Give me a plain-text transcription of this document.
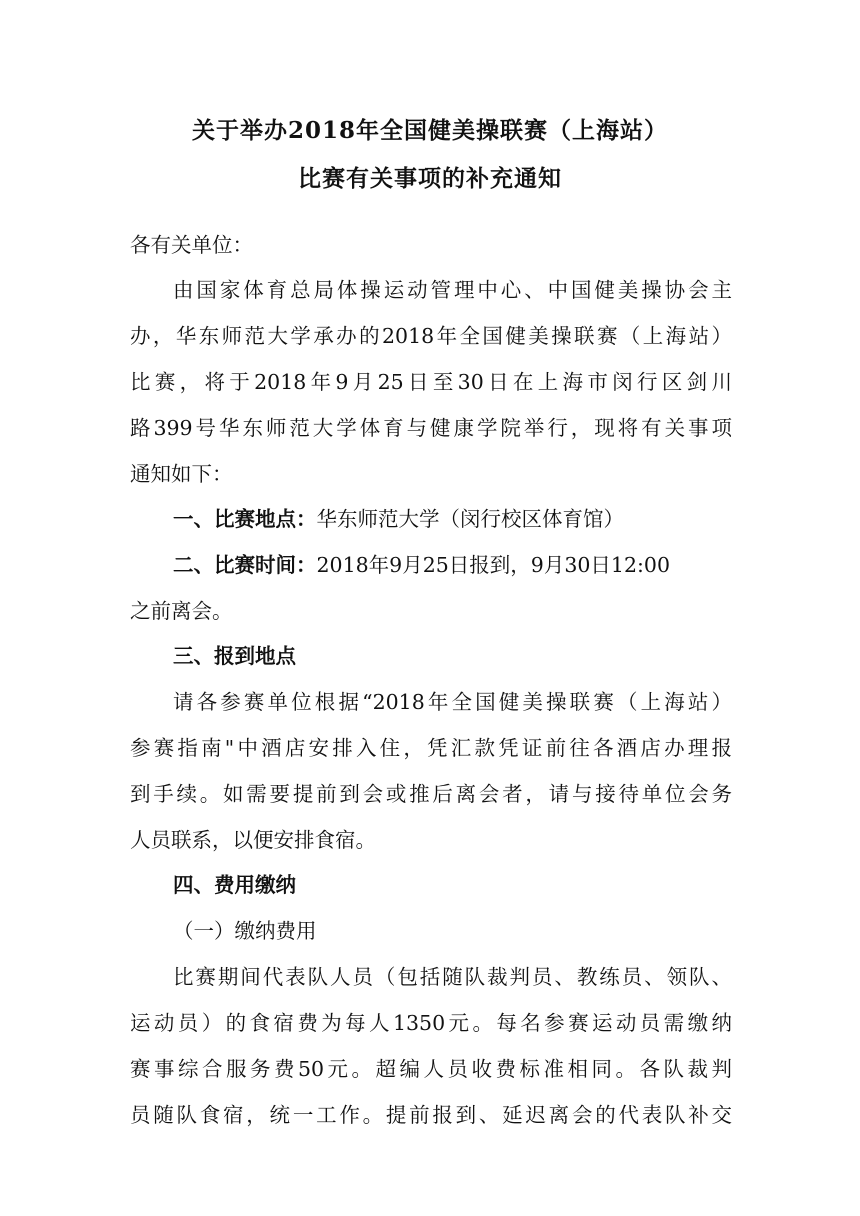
关于举办2018年全国健美操联赛（上海站）
比赛有关事项的补充通知
各有关单位：
由国家体育总局体操运动管理中心、中国健美操协会主
办，华东师范大学承办的2018年全国健美操联赛（上海站）
比赛，将于2018年9月25日至30日在上海市闵行区剑川
路399号华东师范大学体育与健康学院举行，现将有关事项
通知如下：
一、比赛地点：华东师范大学（闵行校区体育馆）
二、比赛时间：2018年9月25日报到，9月30日12:00
之前离会。
三、报到地点
请各参赛单位根据“2018年全国健美操联赛（上海站）
参赛指南"中酒店安排入住，凭汇款凭证前往各酒店办理报
到手续。如需要提前到会或推后离会者，请与接待单位会务
人员联系，以便安排食宿。
四、费用缴纳
（一）缴纳费用
比赛期间代表队人员（包括随队裁判员、教练员、领队、
运动员）的食宿费为每人1350元。每名参赛运动员需缴纳
赛事综合服务费50元。超编人员收费标准相同。各队裁判
员随队食宿，统一工作。提前报到、延迟离会的代表队补交
